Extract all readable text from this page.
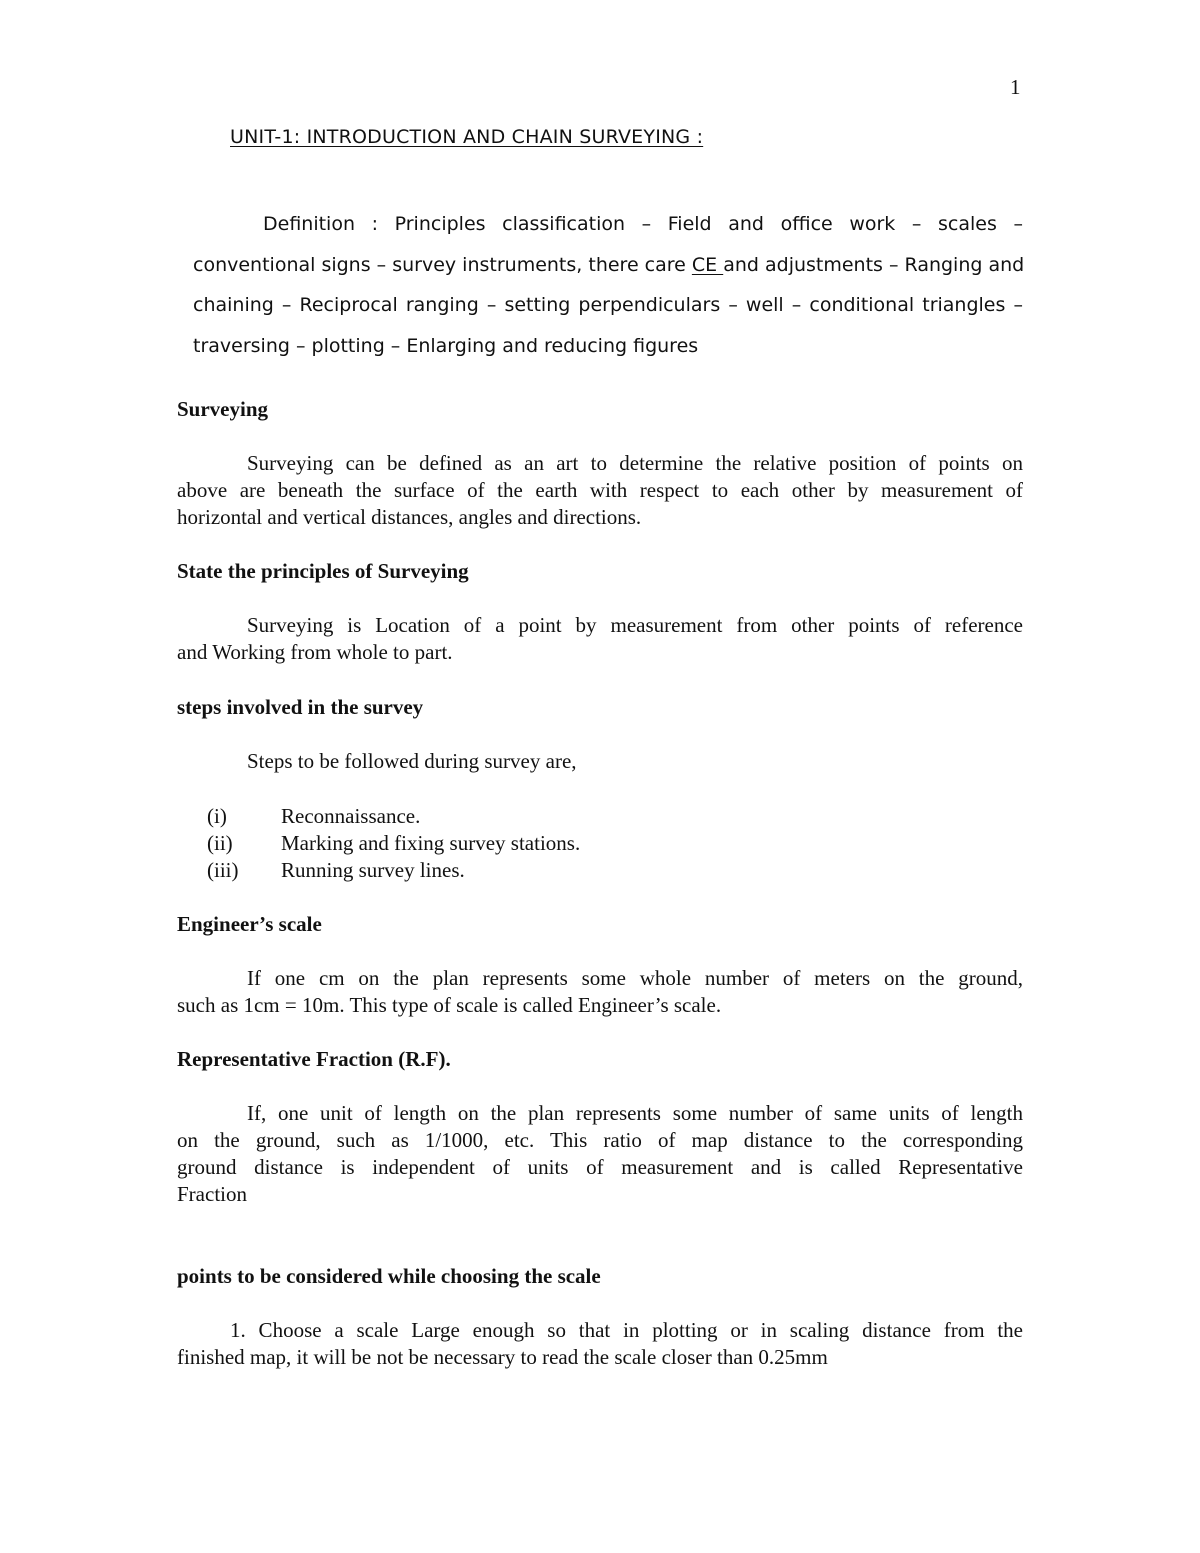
1
UNIT-1: INTRODUCTION AND CHAIN SURVEYING :
Definition : Principles classification – Field and office work – scales –
conventional signs – survey instruments, there care CE and adjustments – Ranging and
chaining – Reciprocal ranging – setting perpendiculars – well – conditional triangles –
traversing – plotting – Enlarging and reducing figures
Surveying
Surveying can be defined as an art to determine the relative position of points on
above are beneath the surface of the earth with respect to each other by measurement of
horizontal and vertical distances, angles and directions.
State the principles of Surveying
Surveying is Location of a point by measurement from other points of reference
and Working from whole to part.
steps involved in the survey
Steps to be followed during survey are,
(i)	Reconnaissance.
(ii) Marking and fixing survey stations.
(iii) Running survey lines.
Engineer’s scale
If one cm on the plan represents some whole number of meters on the ground,
such as 1cm = 10m. This type of scale is called Engineer’s scale.
Representative Fraction (R.F).
If, one unit of length on the plan represents some number of same units of length
on the ground, such as 1/1000, etc. This ratio of map distance to the corresponding
ground distance is independent of units of measurement and is called Representative
Fraction
points to be considered while choosing the scale
1. Choose a scale Large enough so that in plotting or in scaling distance from the
finished map, it will be not be necessary to read the scale closer than 0.25mm
